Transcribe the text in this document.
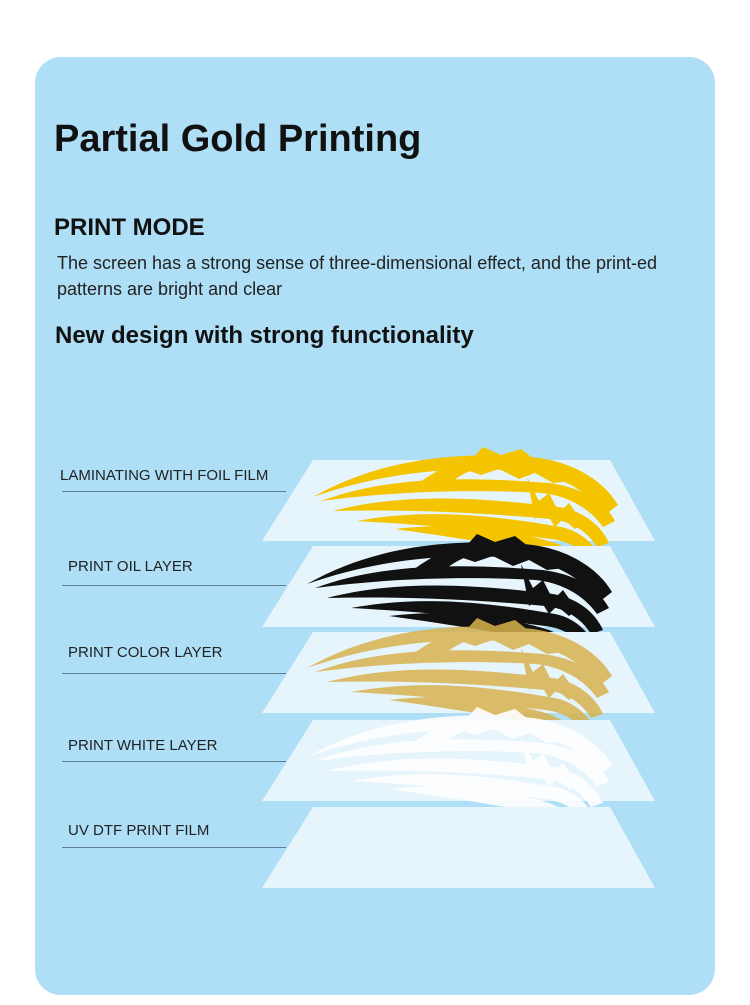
Partial Gold Printing
PRINT MODE

The screen has a strong sense of three-dimensional effect, and the print-ed patterns are bright and clear

New design with strong functionality
LAMINATING WITH FOIL FILM
PRINT OIL LAYER
PRINT COLOR LAYER
PRINT WHITE LAYER
UV DTF PRINT FILM
